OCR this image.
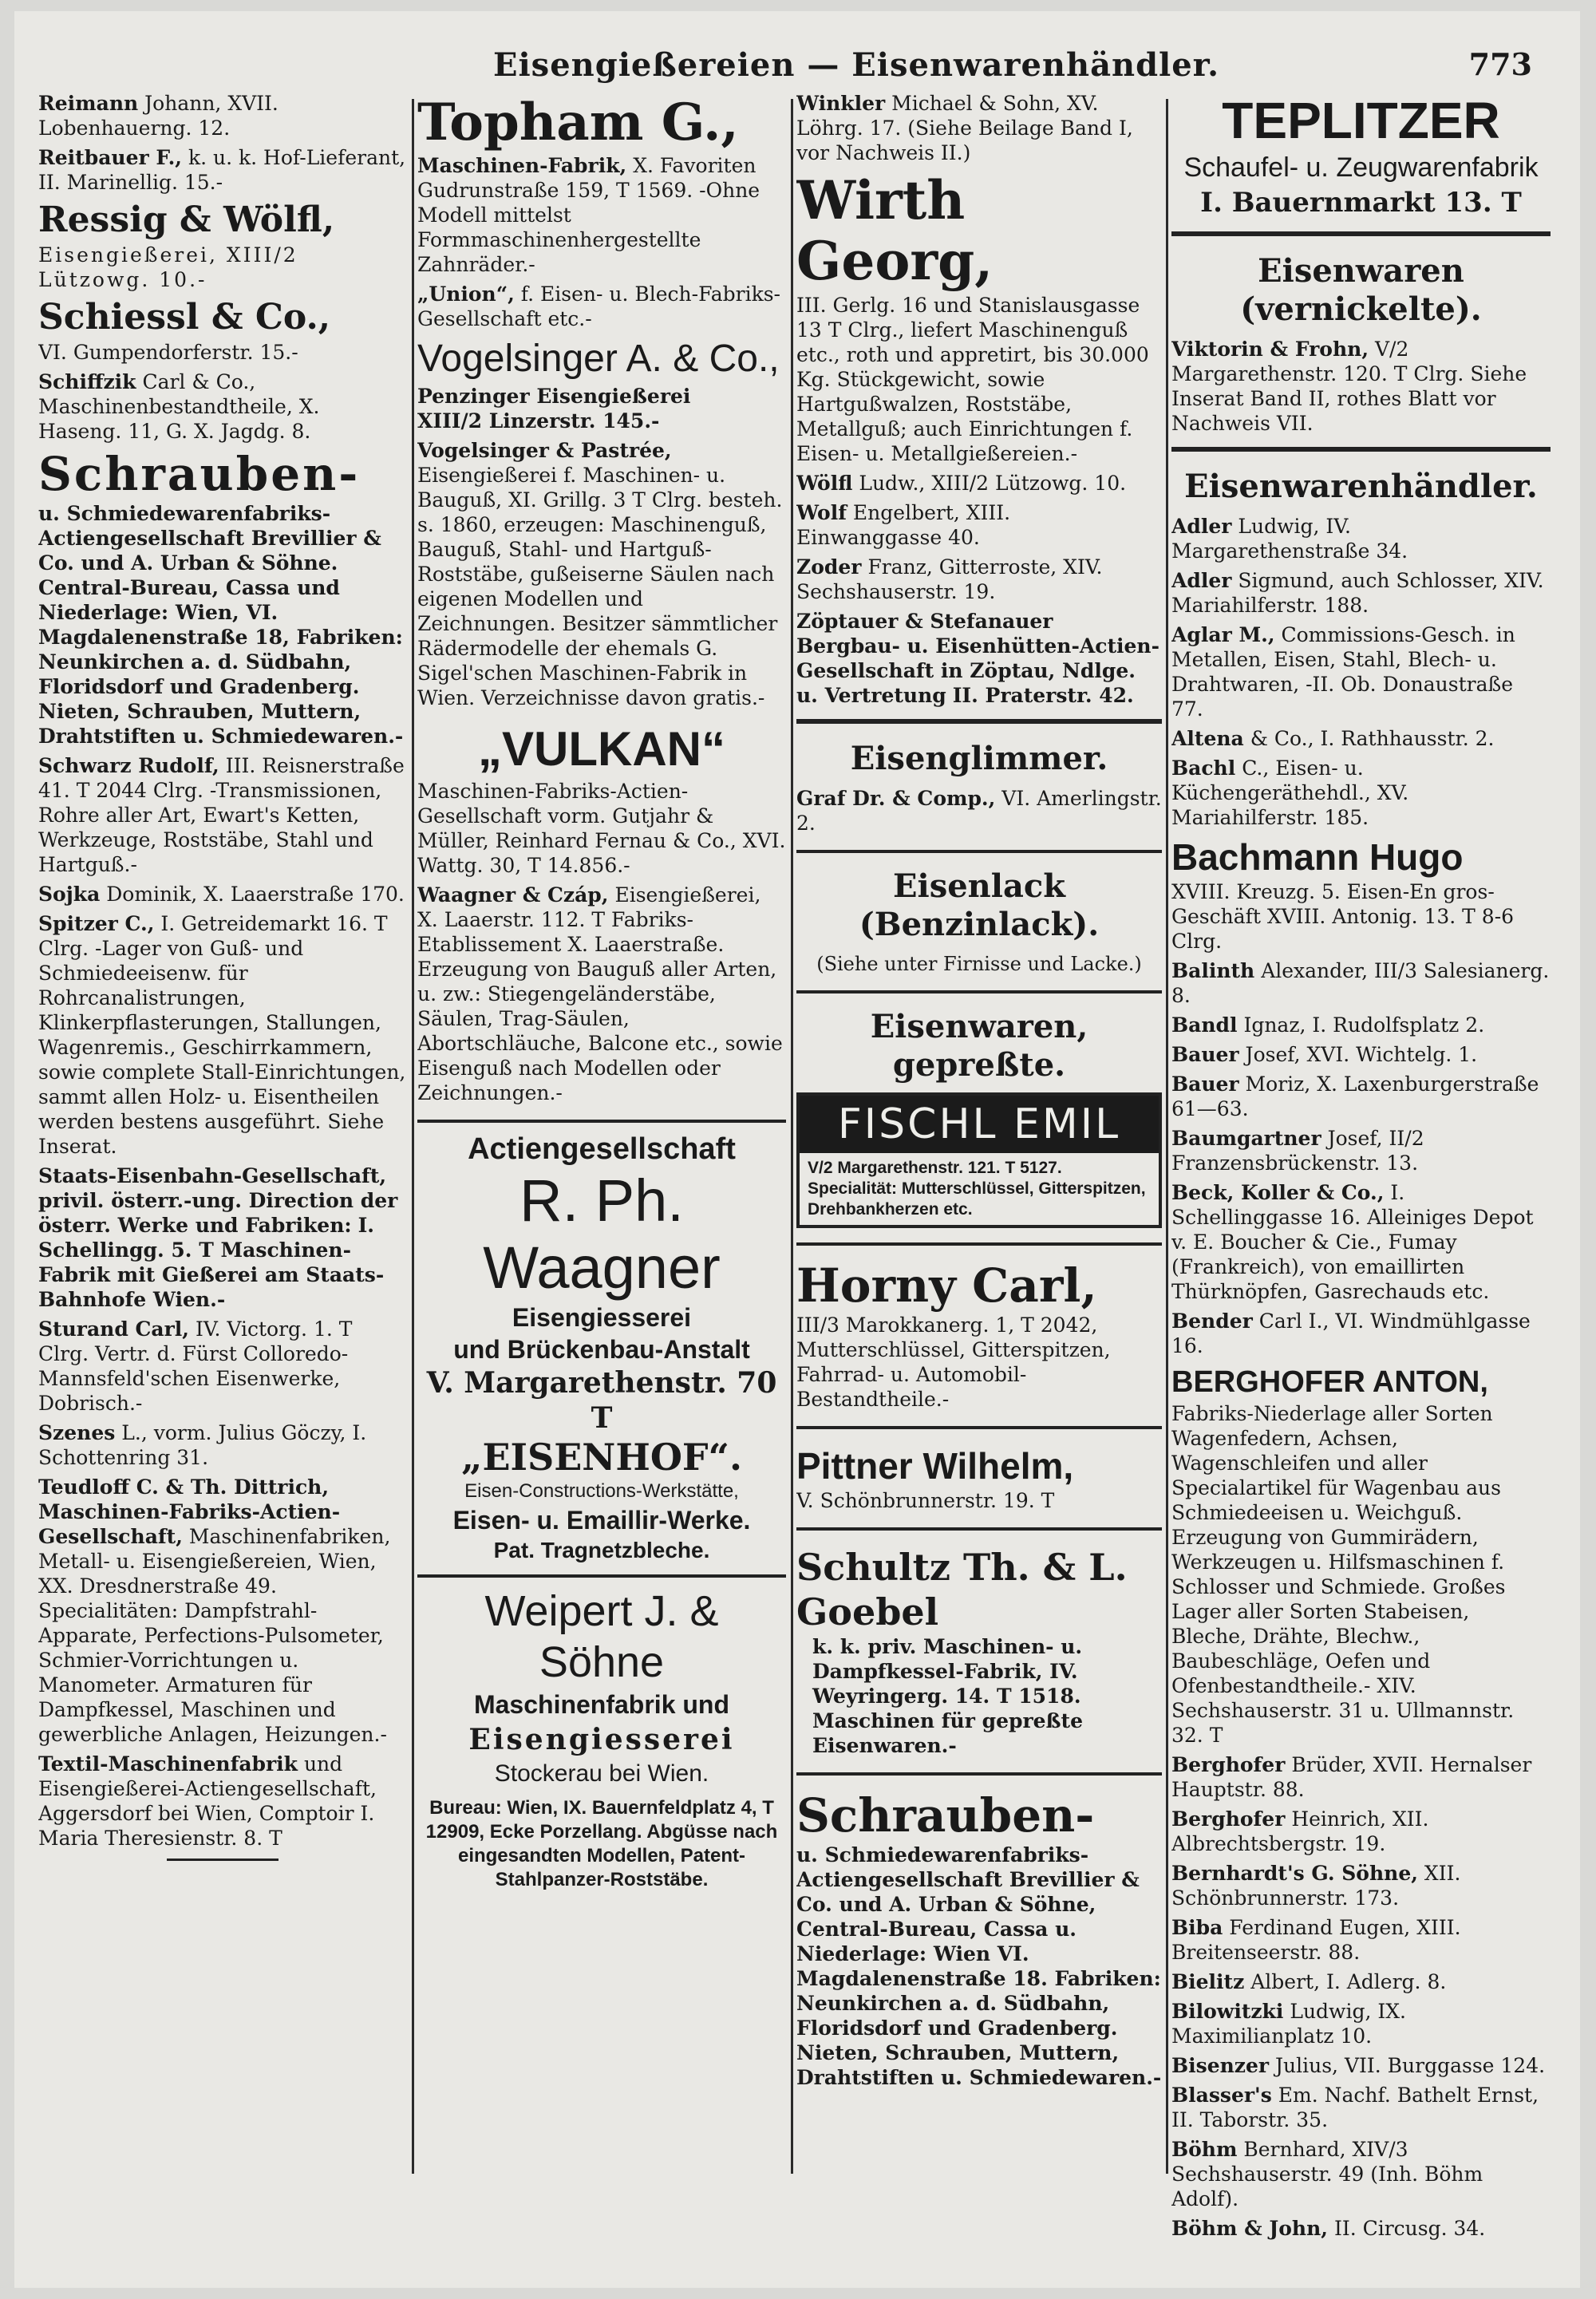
Eisengießereien — Eisenwarenhändler.	773

Reimann Johann, XVII. Lobenhauerng. 12.

Reitbauer F., k. u. k. Hof-Lieferant, II. Marinellig. 15.-

Ressig & Wölfl,

Eisengießerei, XIII/2 Lützowg. 10.-

Schiessl & Co.,

VI. Gumpendorferstr. 15.-

Schiffzik Carl & Co., Maschinenbestandtheile, X. Haseng. 11, G. X. Jagdg. 8.

Schrauben-

u. Schmiedewarenfabriks-Actiengesellschaft Brevillier & Co. und A. Urban & Söhne. Central-Bureau, Cassa und Niederlage: Wien, VI. Magdalenenstraße 18, Fabriken: Neunkirchen a. d. Südbahn, Floridsdorf und Gradenberg. Nieten, Schrauben, Muttern, Drahtstiften u. Schmiedewaren.-

Schwarz Rudolf, III. Reisnerstraße 41. T 2044 Clrg. -Transmissionen, Rohre aller Art, Ewart's Ketten, Werkzeuge, Roststäbe, Stahl und Hartguß.-

Sojka Dominik, X. Laaerstraße 170.

Spitzer C., I. Getreidemarkt 16. T Clrg. -Lager von Guß- und Schmiedeeisenw. für Rohrcanalistrungen, Klinkerpflasterungen, Stallungen, Wagenremis., Geschirrkammern, sowie complete Stall-Einrichtungen, sammt allen Holz- u. Eisentheilen werden bestens ausgeführt. Siehe Inserat.

Staats-Eisenbahn-Gesellschaft, privil. österr.-ung. Direction der österr. Werke und Fabriken: I. Schellingg. 5. T Maschinen-Fabrik mit Gießerei am Staats-Bahnhofe Wien.-

Sturand Carl, IV. Victorg. 1. T Clrg. Vertr. d. Fürst Colloredo-Mannsfeld'schen Eisenwerke, Dobrisch.-

Szenes L., vorm. Julius Göczy, I. Schottenring 31.

Teudloff C. & Th. Dittrich, Maschinen-Fabriks-Actien-Gesellschaft, Maschinenfabriken, Metall- u. Eisengießereien, Wien, XX. Dresdnerstraße 49. Specialitäten: Dampfstrahl-Apparate, Perfections-Pulsometer, Schmier-Vorrichtungen u. Manometer. Armaturen für Dampfkessel, Maschinen und gewerbliche Anlagen, Heizungen.-

Textil-Maschinenfabrik und Eisengießerei-Actiengesellschaft, Aggersdorf bei Wien, Comptoir I. Maria Theresienstr. 8. T

Topham G.,

Maschinen-Fabrik, X. Favoriten Gudrunstraße 159, T 1569. -Ohne Modell mittelst Formmaschinenhergestellte Zahnräder.-

„Union“, f. Eisen- u. Blech-Fabriks-Gesellschaft etc.-

Vogelsinger A. & Co.,

Penzinger Eisengießerei
XIII/2 Linzerstr. 145.-

Vogelsinger & Pastrée, Eisengießerei f. Maschinen- u. Bauguß, XI. Grillg. 3 T Clrg. besteh. s. 1860, erzeugen: Maschinenguß, Bauguß, Stahl- und Hartguß-Roststäbe, gußeiserne Säulen nach eigenen Modellen und Zeichnungen. Besitzer sämmtlicher Rädermodelle der ehemals G. Sigel'schen Maschinen-Fabrik in Wien. Verzeichnisse davon gratis.-

„VULKAN“

Maschinen-Fabriks-Actien-Gesellschaft vorm. Gutjahr & Müller, Reinhard Fernau & Co., XVI. Wattg. 30, T 14.856.-

Waagner & Czáp, Eisengießerei, X. Laaerstr. 112. T Fabriks-Etablissement X. Laaerstraße. Erzeugung von Bauguß aller Arten, u. zw.: Stiegengeländerstäbe, Säulen, Trag-Säulen, Abortschläuche, Balcone etc., sowie Eisenguß nach Modellen oder Zeichnungen.-

Actiengesellschaft
R. Ph. Waagner
Eisengiesserei
und Brückenbau-Anstalt
V. Margarethenstr. 70 T
„EISENHOF“.
Eisen-Constructions-Werkstätte,
Eisen- u. Emaillir-Werke.
Pat. Tragnetzbleche.
Weipert J. & Söhne
Maschinenfabrik und
Eisengiesserei
Stockerau bei Wien.
Bureau: Wien, IX. Bauernfeldplatz 4, T 12909, Ecke Porzellang. Abgüsse nach eingesandten Modellen, Patent-Stahlpanzer-Roststäbe.

Winkler Michael & Sohn, XV. Löhrg. 17. (Siehe Beilage Band I, vor Nachweis II.)

Wirth Georg,

III. Gerlg. 16 und Stanislausgasse 13 T Clrg., liefert Maschinenguß etc., roth und appretirt, bis 30.000 Kg. Stückgewicht, sowie Hartgußwalzen, Roststäbe, Metallguß; auch Einrichtungen f. Eisen- u. Metallgießereien.-

Wölfl Ludw., XIII/2 Lützowg. 10.

Wolf Engelbert, XIII. Einwanggasse 40.

Zoder Franz, Gitterroste, XIV. Sechshauserstr. 19.

Zöptauer & Stefanauer Bergbau- u. Eisenhütten-Actien-Gesellschaft in Zöptau, Ndlge. u. Vertretung II. Praterstr. 42.

Eisenglimmer.

Graf Dr. & Comp., VI. Amerlingstr. 2.

Eisenlack (Benzinlack).
(Siehe unter Firnisse und Lacke.)
Eisenwaren, gepreßte.
FISCHL EMIL
V/2 Margarethenstr. 121. T 5127. Specialität: Mutterschlüssel, Gitterspitzen, Drehbankherzen etc.
Horny Carl,

III/3 Marokkanerg. 1, T 2042, Mutterschlüssel, Gitterspitzen, Fahrrad- u. Automobil-Bestandtheile.-

Pittner Wilhelm,

V. Schönbrunnerstr. 19. T

Schultz Th. & L. Goebel

k. k. priv. Maschinen- u. Dampfkessel-Fabrik, IV. Weyringerg. 14. T 1518. Maschinen für gepreßte Eisenwaren.-

Schrauben-

u. Schmiedewarenfabriks-Actiengesellschaft Brevillier & Co. und A. Urban & Söhne, Central-Bureau, Cassa u. Niederlage: Wien VI. Magdalenenstraße 18. Fabriken: Neunkirchen a. d. Südbahn, Floridsdorf und Gradenberg. Nieten, Schrauben, Muttern, Drahtstiften u. Schmiedewaren.-

TEPLITZER
Schaufel- u. Zeugwarenfabrik
I. Bauernmarkt 13. T
Eisenwaren (vernickelte).

Viktorin & Frohn, V/2 Margarethenstr. 120. T Clrg. Siehe Inserat Band II, rothes Blatt vor Nachweis VII.

Eisenwarenhändler.

Adler Ludwig, IV. Margarethenstraße 34.

Adler Sigmund, auch Schlosser, XIV. Mariahilferstr. 188.

Aglar M., Commissions-Gesch. in Metallen, Eisen, Stahl, Blech- u. Drahtwaren, -II. Ob. Donaustraße 77.

Altena & Co., I. Rathhausstr. 2.

Bachl C., Eisen- u. Küchengeräthehdl., XV. Mariahilferstr. 185.

Bachmann Hugo

XVIII. Kreuzg. 5. Eisen-En gros-Geschäft XVIII. Antonig. 13. T 8-6 Clrg.

Balinth Alexander, III/3 Salesianerg. 8.

Bandl Ignaz, I. Rudolfsplatz 2.

Bauer Josef, XVI. Wichtelg. 1.

Bauer Moriz, X. Laxenburgerstraße 61—63.

Baumgartner Josef, II/2 Franzensbrückenstr. 13.

Beck, Koller & Co., I. Schellinggasse 16. Alleiniges Depot v. E. Boucher & Cie., Fumay (Frankreich), von emaillirten Thürknöpfen, Gasrechauds etc.

Bender Carl I., VI. Windmühlgasse 16.

BERGHOFER ANTON,

Fabriks-Niederlage aller Sorten Wagenfedern, Achsen, Wagenschleifen und aller Specialartikel für Wagenbau aus Schmiedeeisen u. Weichguß. Erzeugung von Gummirädern, Werkzeugen u. Hilfsmaschinen f. Schlosser und Schmiede. Großes Lager aller Sorten Stabeisen, Bleche, Drähte, Blechw., Baubeschläge, Oefen und Ofenbestandtheile.- XIV. Sechshauserstr. 31 u. Ullmannstr. 32. T

Berghofer Brüder, XVII. Hernalser Hauptstr. 88.

Berghofer Heinrich, XII. Albrechtsbergstr. 19.

Bernhardt's G. Söhne, XII. Schönbrunnerstr. 173.

Biba Ferdinand Eugen, XIII. Breitenseerstr. 88.

Bielitz Albert, I. Adlerg. 8.

Bilowitzki Ludwig, IX. Maximilianplatz 10.

Bisenzer Julius, VII. Burggasse 124.

Blasser's Em. Nachf. Bathelt Ernst, II. Taborstr. 35.

Böhm Bernhard, XIV/3 Sechshauserstr. 49 (Inh. Böhm Adolf).

Böhm & John, II. Circusg. 34.
